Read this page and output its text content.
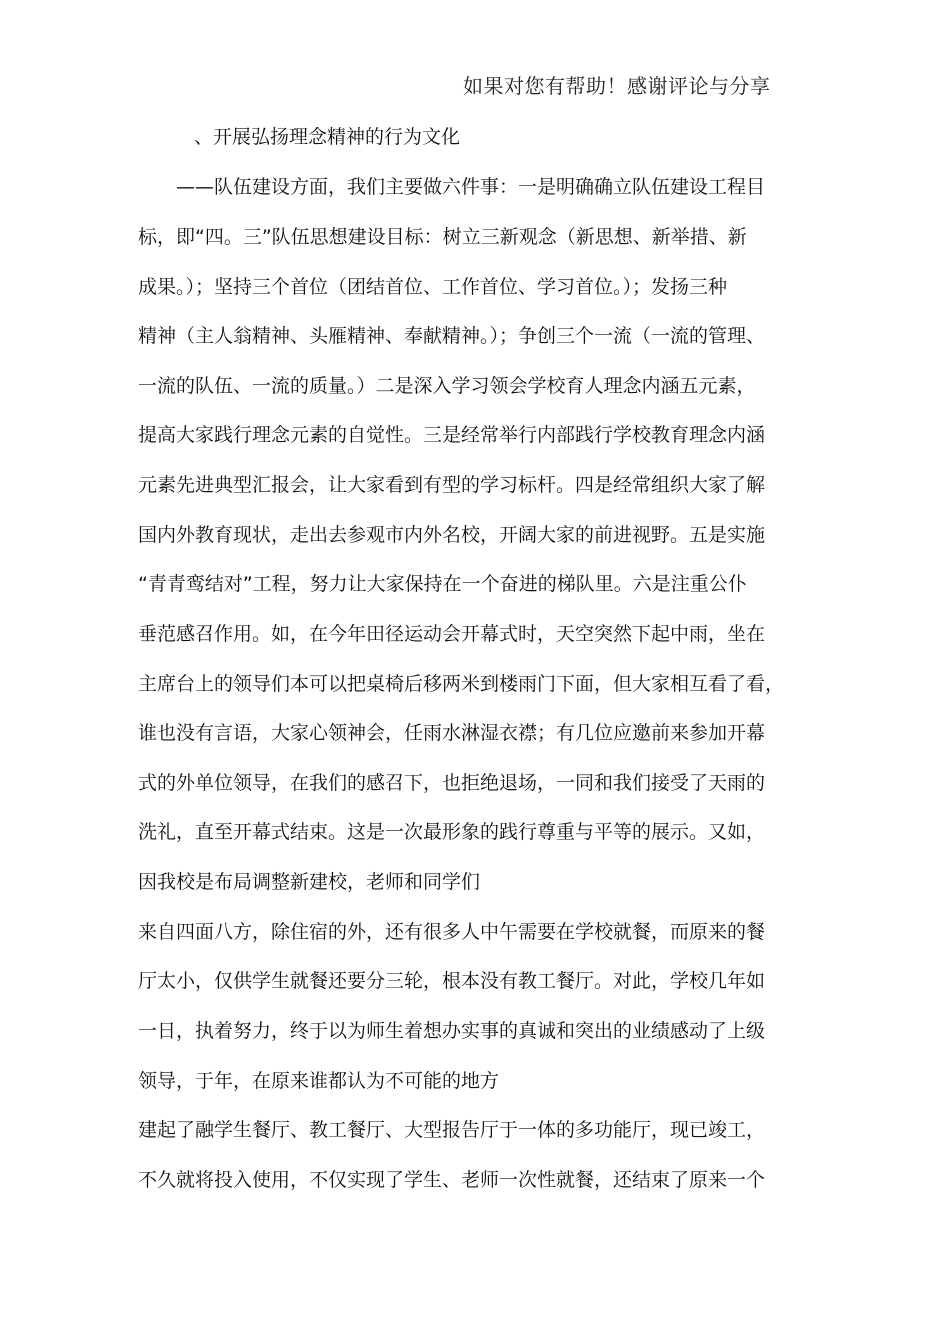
如果对您有帮助！感谢评论与分享
、开展弘扬理念精神的行为文化
——队伍建设方面，我们主要做六件事：一是明确确立队伍建设工程目
标，即“四。三”队伍思想建设目标：树立三新观念（新思想、新举措、新
成果。）；坚持三个首位（团结首位、工作首位、学习首位。）；发扬三种
精神（主人翁精神、头雁精神、奉献精神。）；争创三个一流（一流的管理、
一流的队伍、一流的质量。）二是深入学习领会学校育人理念内涵五元素，
提高大家践行理念元素的自觉性。三是经常举行内部践行学校教育理念内涵
元素先进典型汇报会，让大家看到有型的学习标杆。四是经常组织大家了解
国内外教育现状，走出去参观市内外名校，开阔大家的前进视野。五是实施
“青青鸾结对”工程，努力让大家保持在一个奋进的梯队里。六是注重公仆
垂范感召作用。如，在今年田径运动会开幕式时，天空突然下起中雨，坐在
主席台上的领导们本可以把桌椅后移两米到楼雨门下面，但大家相互看了看，
谁也没有言语，大家心领神会，任雨水淋湿衣襟；有几位应邀前来参加开幕
式的外单位领导，在我们的感召下，也拒绝退场，一同和我们接受了天雨的
洗礼，直至开幕式结束。这是一次最形象的践行尊重与平等的展示。又如，
因我校是布局调整新建校，老师和同学们
来自四面八方，除住宿的外，还有很多人中午需要在学校就餐，而原来的餐
厅太小，仅供学生就餐还要分三轮，根本没有教工餐厅。对此，学校几年如
一日，执着努力，终于以为师生着想办实事的真诚和突出的业绩感动了上级
领导，于年，在原来谁都认为不可能的地方
建起了融学生餐厅、教工餐厅、大型报告厅于一体的多功能厅，现已竣工，
不久就将投入使用，不仅实现了学生、老师一次性就餐，还结束了原来一个
